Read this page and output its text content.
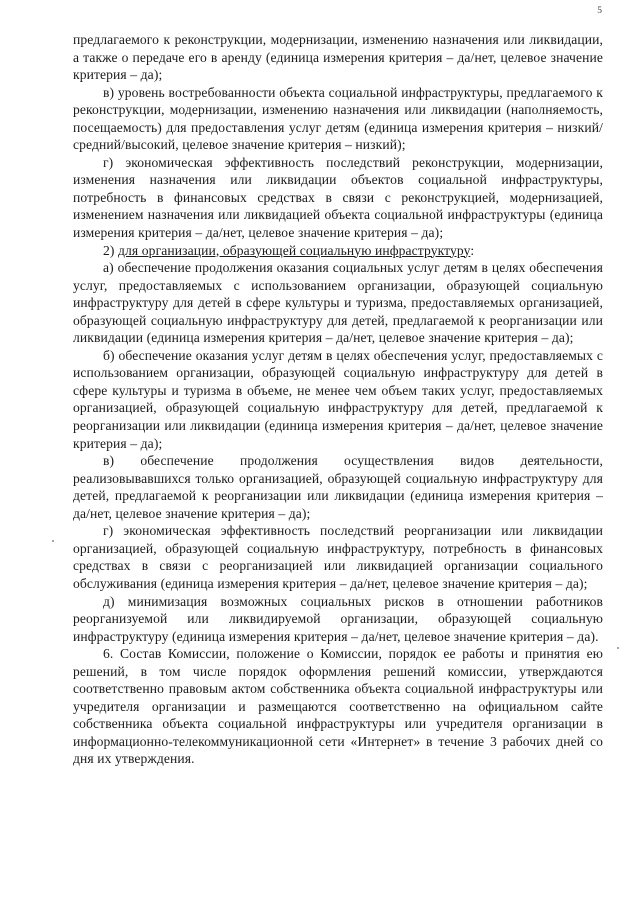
5

предлагаемого к реконструкции, модернизации, изменению назначения или ликвидации, а также о передаче его в аренду (единица измерения критерия – да/нет, целевое значение критерия – да);

в) уровень востребованности объекта социальной инфраструктуры, предлагаемого к реконструкции, модернизации, изменению назначения или ликвидации (наполняемость, посещаемость) для предоставления услуг детям (единица измерения критерия – низкий/ средний/высокий, целевое значение критерия – низкий);

г) экономическая эффективность последствий реконструкции, модернизации, изменения назначения или ликвидации объектов социальной инфраструктуры, потребность в финансовых средствах в связи с реконструкцией, модернизацией, изменением назначения или ликвидацией объекта социальной инфраструктуры (единица измерения критерия – да/нет, целевое значение критерия – да);

2) для организации, образующей социальную инфраструктуру:

а) обеспечение продолжения оказания социальных услуг детям в целях обеспечения услуг, предоставляемых с использованием организации, образующей социальную инфраструктуру для детей в сфере культуры и туризма, предоставляемых организацией, образующей социальную инфраструктуру для детей, предлагаемой к реорганизации или ликвидации (единица измерения критерия – да/нет, целевое значение критерия – да);

б) обеспечение оказания услуг детям в целях обеспечения услуг, предоставляемых с использованием организации, образующей социальную инфраструктуру для детей в сфере культуры и туризма в объеме, не менее чем объем таких услуг, предоставляемых организацией, образующей социальную инфраструктуру для детей, предлагаемой к реорганизации или ликвидации (единица измерения критерия – да/нет, целевое значение критерия – да);

в) обеспечение продолжения осуществления видов деятельности, реализовывавшихся только организацией, образующей социальную инфраструктуру для детей, предлагаемой к реорганизации или ликвидации (единица измерения критерия – да/нет, целевое значение критерия – да);

г) экономическая эффективность последствий реорганизации или ликвидации организацией, образующей социальную инфраструктуру, потребность в финансовых средствах в связи с реорганизацией или ликвидацией организации социального обслуживания (единица измерения критерия – да/нет, целевое значение критерия – да);

д) минимизация возможных социальных рисков в отношении работников реорганизуемой или ликвидируемой организации, образующей социальную инфраструктуру (единица измерения критерия – да/нет, целевое значение критерия – да).

6. Состав Комиссии, положение о Комиссии, порядок ее работы и принятия ею решений, в том числе порядок оформления решений комиссии, утверждаются соответственно правовым актом собственника объекта социальной инфраструктуры или учредителя организации и размещаются соответственно на официальном сайте собственника объекта социальной инфраструктуры или учредителя организации в информационно-телекоммуникационной сети «Интернет» в течение 3 рабочих дней со дня их утверждения.
